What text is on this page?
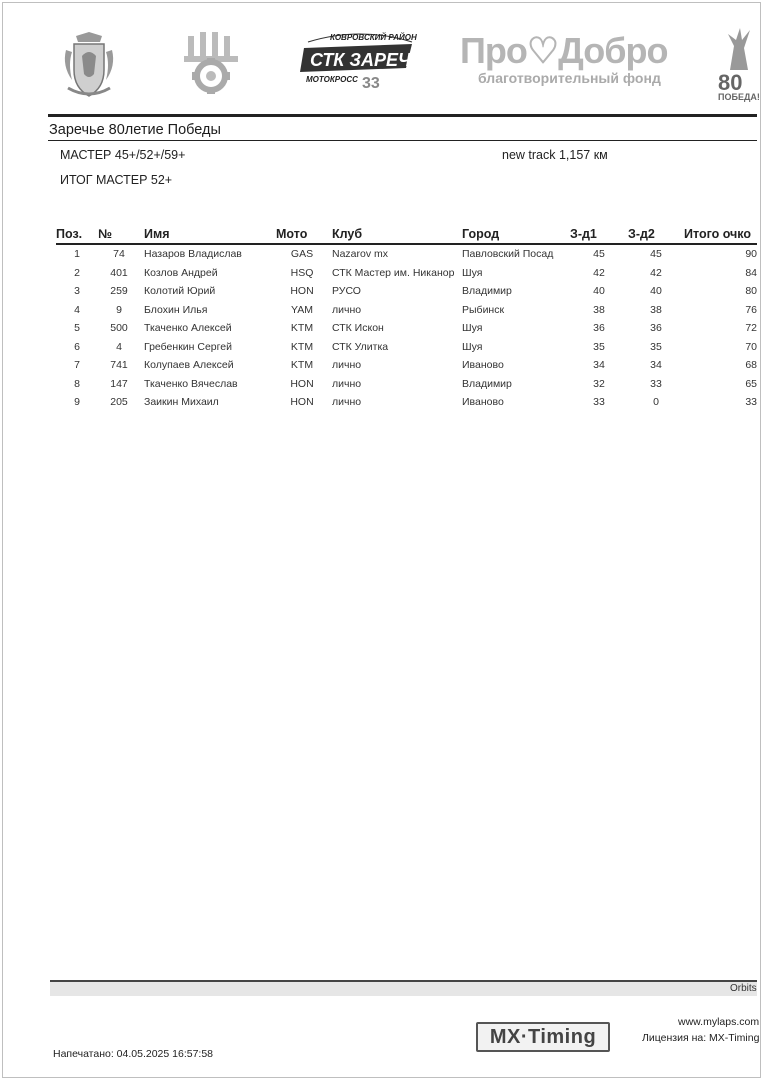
КОВРОВСКИЙ РАЙОН
СТК ЗАРЕЧЬЕ
МОТОКРОСС 33
Про♡Добро
благотворительный фонд	80
ПОБЕДА!
Заречье 80летие Победы
МАСТЕР 45+/52+/59+	new track 1,157 км
ИТОГ МАСТЕР 52+
Поз.	№	Имя	Мото	Клуб	Город	З-д1	З-д2	Итого очко
1	74	Назаров Владислав	GAS	Nazarov mx	Павловский Посад	45	45	90
2	401	Козлов Андрей	HSQ	СТК Мастер им. Никанор	Шуя	42	42	84
3	259	Колотий Юрий	HON	РУСО	Владимир	40	40	80
4	9	Блохин Илья	YAM	лично	Рыбинск	38	38	76
5	500	Ткаченко Алексей	KTM	СТК Искон	Шуя	36	36	72
6	4	Гребенкин Сергей	KTM	СТК Улитка	Шуя	35	35	70
7	741	Колупаев Алексей	KTM	лично	Иваново	34	34	68
8	147	Ткаченко Вячеслав	HON	лично	Владимир	32	33	65
9	205	Заикин Михаил	HON	лично	Иваново	33	0	33
Orbits
MX·Timing
www.mylaps.com
Лицензия на: MX-Timing
Напечатано: 04.05.2025 16:57:58
